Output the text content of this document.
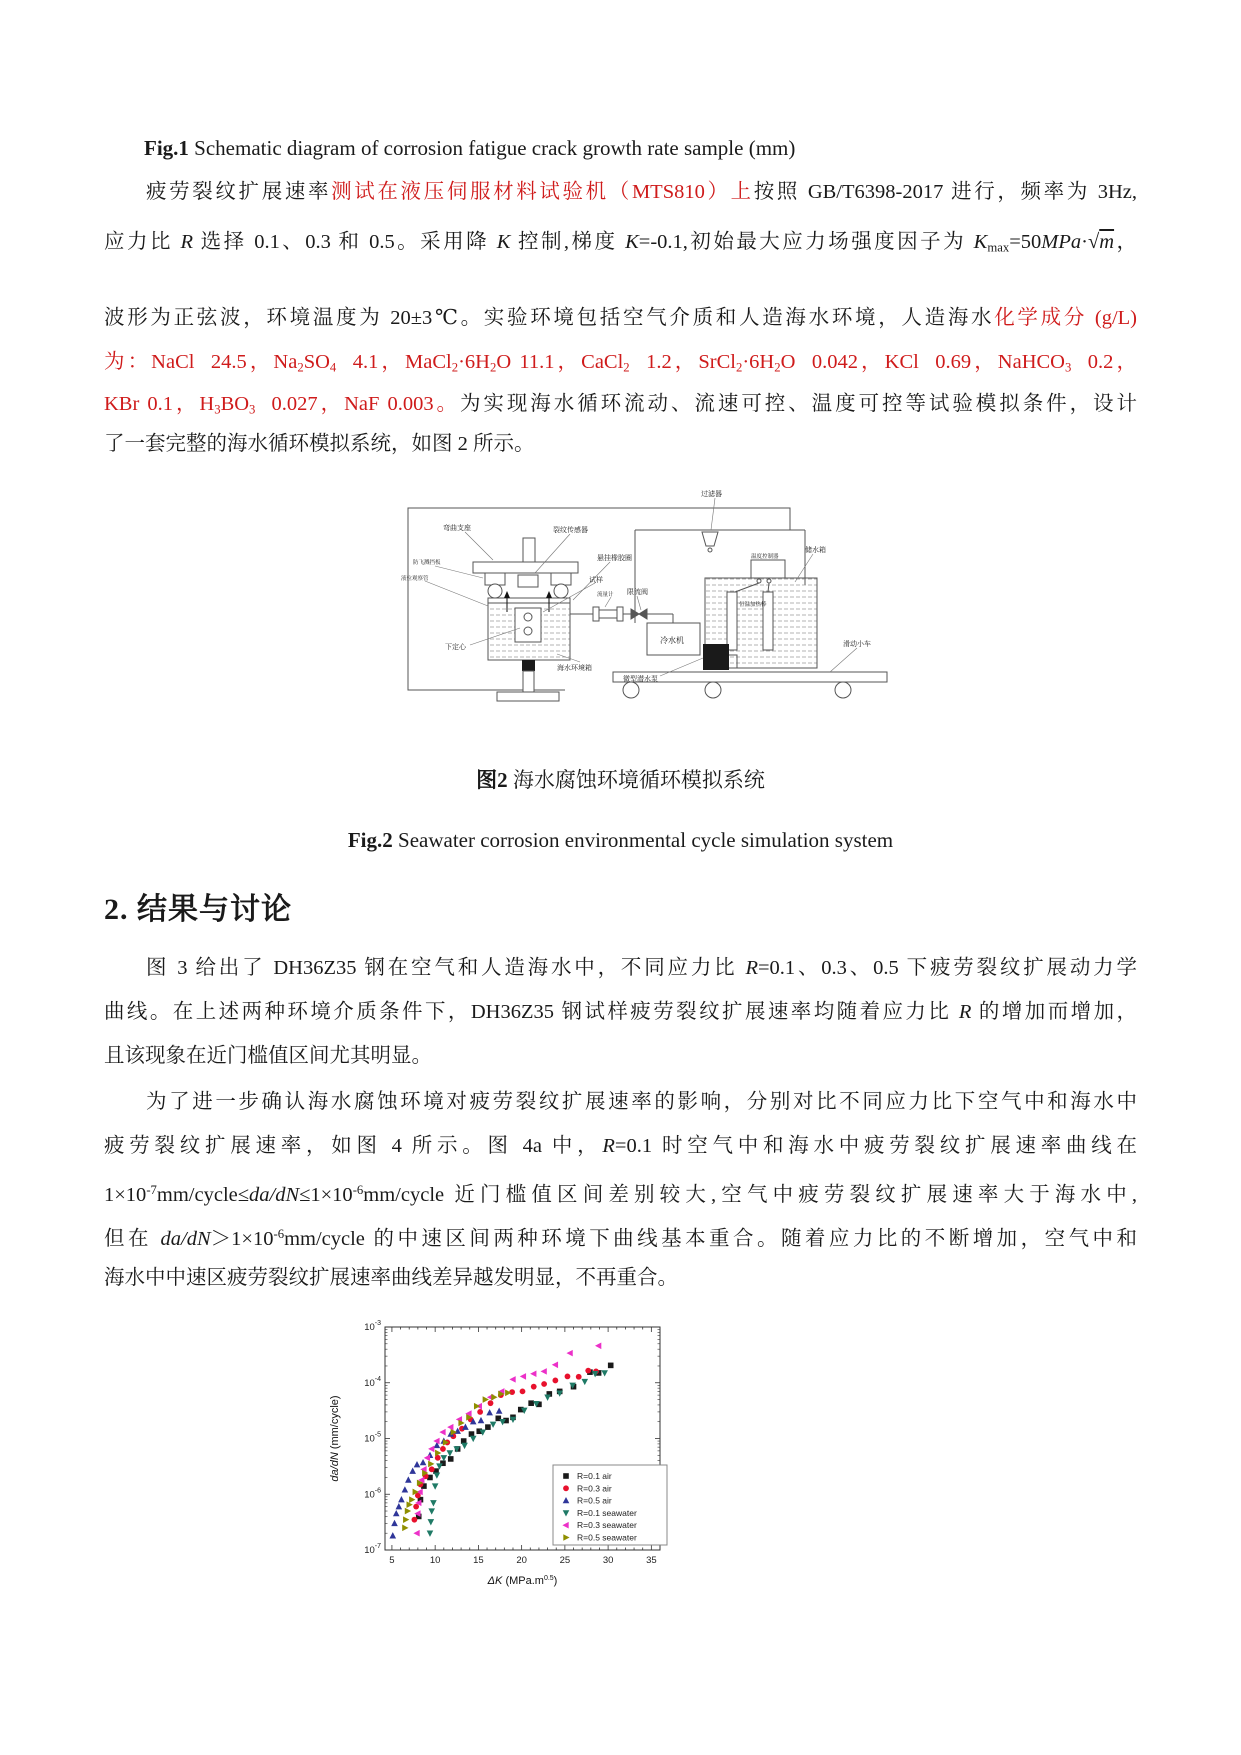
Fig.1 Schematic diagram of corrosion fatigue crack growth rate sample (mm)
疲劳裂纹扩展速率测试在液压伺服材料试验机（MTS810）上按照 GB/T6398-2017 进行，频率为 3Hz,
应力比 R 选择 0.1、0.3 和 0.5。采用降 K 控制,梯度 K=-0.1,初始最大应力场强度因子为 $K_{max}=50MPa\cdot√m$，
波形为正弦波，环境温度为 20±3℃。实验环境包括空气介质和人造海水环境，人造海水化学成分 (g/L)
为：NaCl  24.5，$Na_2SO_4$  4.1，$MaCl_2\cdot 6H_2O$ 11.1，CaCl$_2$  1.2，$SrCl_2\cdot 6H_2O$  0.042，KCl  0.69，NaHCO$_3$  0.2，
KBr 0.1，$H_3BO_3$  0.027，NaF 0.003。为实现海水循环流动、流速可控、温度可控等试验模拟条件，设计
了一套完整的海水循环模拟系统，如图 2 所示。
弯曲支座	裂纹传感器
防飞溅挡板
液位观察管
悬挂橡胶圈
试样
下定心
海水环境箱
流量计 限流阀
冷水机
过滤器
温度控制器
恒温加热棒
储水箱
微型潜水泵
滑动小车
图2 海水腐蚀环境循环模拟系统
Fig.2 Seawater corrosion environmental cycle simulation system
2. 结果与讨论
图 3 给出了 DH36Z35 钢在空气和人造海水中，不同应力比 R=0.1、0.3、0.5 下疲劳裂纹扩展动力学
曲线。在上述两种环境介质条件下，DH36Z35 钢试样疲劳裂纹扩展速率均随着应力比 R 的增加而增加，
且该现象在近门槛值区间尤其明显。
为了进一步确认海水腐蚀环境对疲劳裂纹扩展速率的影响，分别对比不同应力比下空气中和海水中
疲劳裂纹扩展速率，如图 4 所示。图 4a 中，R=0.1 时空气中和海水中疲劳裂纹扩展速率曲线在
$1\times 10^{-7}mm/cycle\le da/dN\le 1\times 10^{-6}mm$/cycle 近门槛值区间差别较大,空气中疲劳裂纹扩展速率大于海水中,
但在 $da/dN>1\times 10^{-6}mm$/cycle 的中速区间两种环境下曲线基本重合。随着应力比的不断增加，空气中和
海水中中速区疲劳裂纹扩展速率曲线差异越发明显，不再重合。
5	10	15	20	25	30	35
$10^{-7}$
$10^{-6}$
$10^{-5}$
$10^{-4}$
$10^{-3}$
R=0.1 air
R=0.3 air
R=0.5 air
R=0.1 seawater
R=0.3 seawater
R=0.5 seawater
ΔK $(MPa.m^{0.5})$
da/dN (mm/cycle)
